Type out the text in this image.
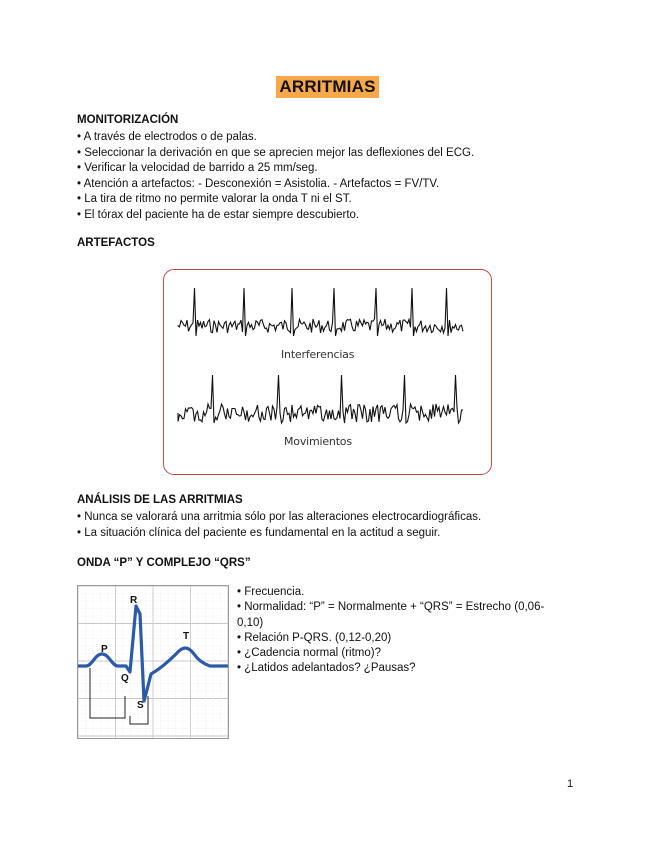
ARRITMIAS
MONITORIZACIÓN
• A través de electrodos o de palas.
• Seleccionar la derivación en que se aprecien mejor las deflexiones del ECG.
• Verificar la velocidad de barrido a 25 mm/seg.
• Atención a artefactos: - Desconexión = Asistolia. - Artefactos = FV/TV.
• La tira de ritmo no permite valorar la onda T ni el ST.
• El tórax del paciente ha de estar siempre descubierto.
ARTEFACTOS
Interferencias
Movimientos
ANÁLISIS DE LAS ARRITMIAS
• Nunca se valorará una arritmia sólo por las alteraciones electrocardiográficas.
• La situación clínica del paciente es fundamental en la actitud a seguir.
ONDA “P” Y COMPLEJO “QRS”
P
R
Q
S
T
• Frecuencia.
• Normalidad: “P” = Normalmente + “QRS” = Estrecho (0,06-0,10)
• Relación P-QRS. (0,12-0,20)
• ¿Cadencia normal (ritmo)?
• ¿Latidos adelantados? ¿Pausas?
1
